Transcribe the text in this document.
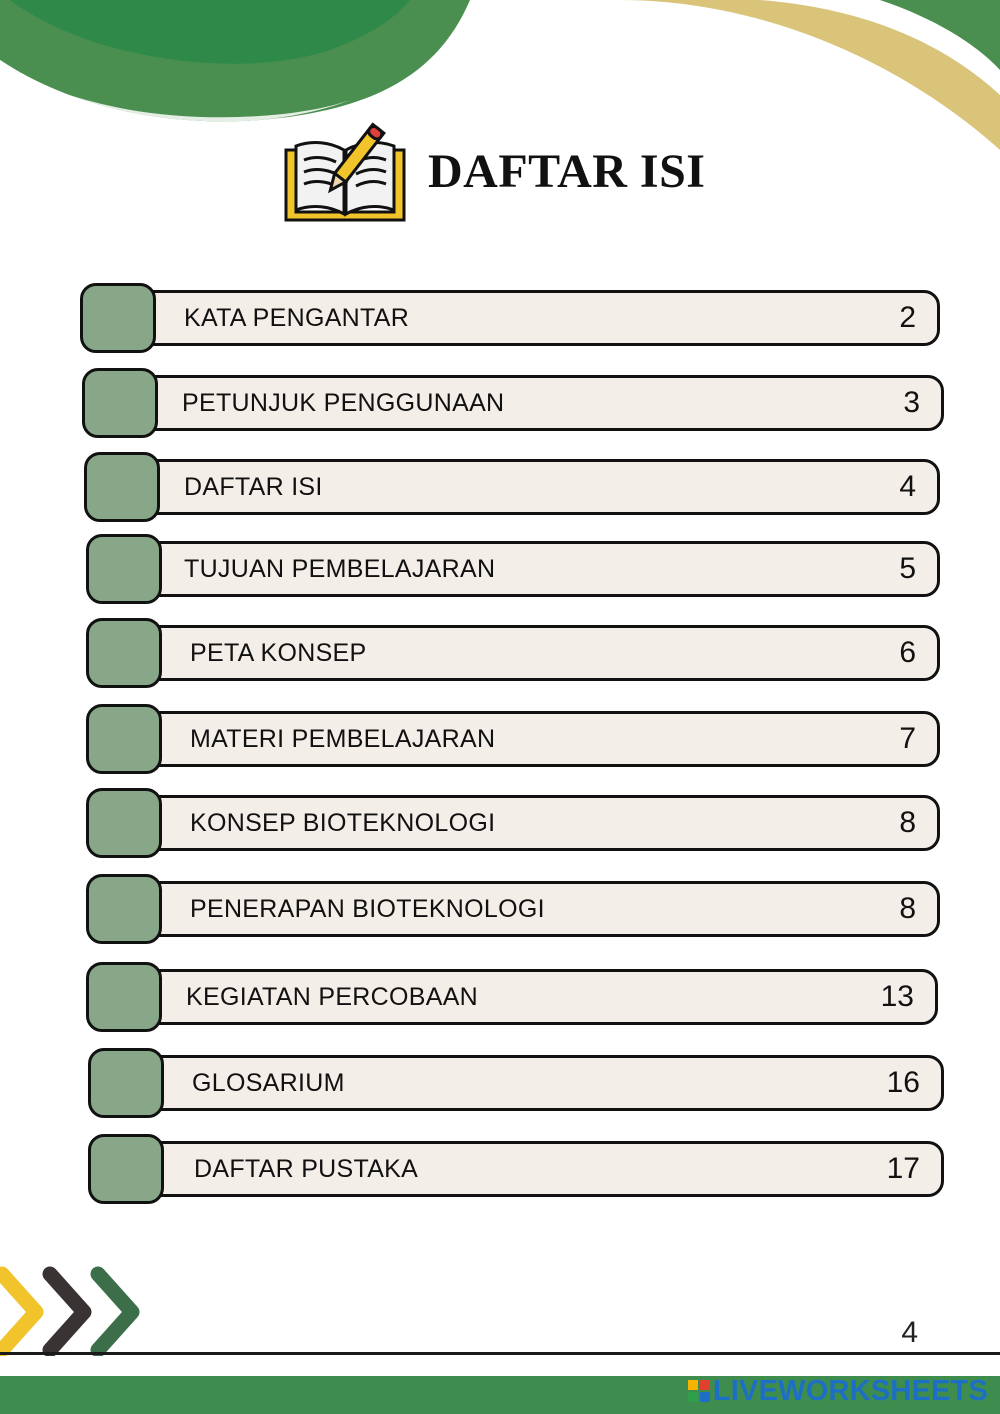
DAFTAR ISI
KATA PENGANTAR	2
PETUNJUK PENGGUNAAN	3
DAFTAR ISI	4
TUJUAN PEMBELAJARAN	5
PETA KONSEP	6
MATERI PEMBELAJARAN	7
KONSEP BIOTEKNOLOGI	8
PENERAPAN BIOTEKNOLOGI	8
KEGIATAN PERCOBAAN	13
GLOSARIUM	16
DAFTAR PUSTAKA	17
4
LIVEWORKSHEETS
